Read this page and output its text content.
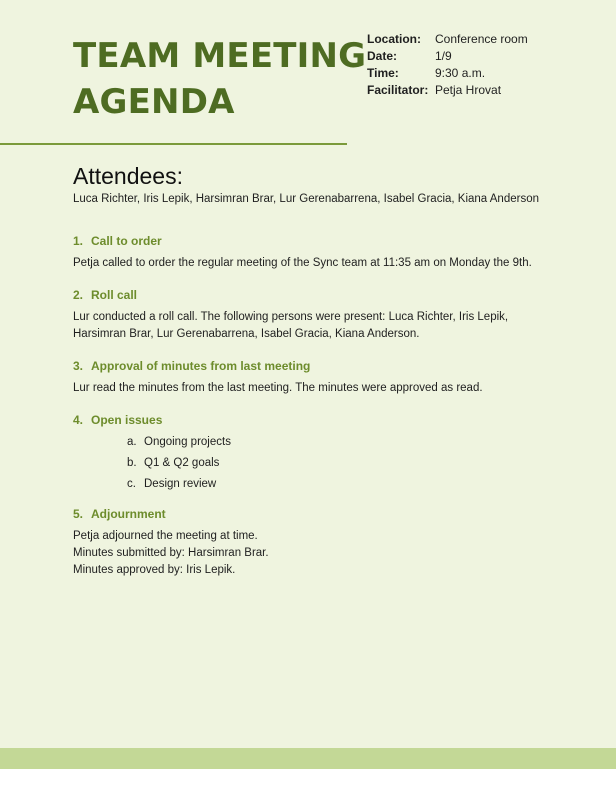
TEAM MEETING
AGENDA
Location:	Conference room
Date:	1/9
Time:	9:30 a.m.
Facilitator: Petja Hrovat
Attendees:

Luca Richter, Iris Lepik, Harsimran Brar, Lur Gerenabarrena, Isabel Gracia, Kiana Anderson

1. Call to order

Petja called to order the regular meeting of the Sync team at 11:35 am on Monday the 9th.

2. Roll call

Lur conducted a roll call. The following persons were present: Luca Richter, Iris Lepik, Harsimran Brar, Lur Gerenabarrena, Isabel Gracia, Kiana Anderson.

3. Approval of minutes from last meeting

Lur read the minutes from the last meeting. The minutes were approved as read.

4. Open issues
a. Ongoing projects
b. Q1 & Q2 goals
c. Design review
5. Adjournment

Petja adjourned the meeting at time.

Minutes submitted by: Harsimran Brar.

Minutes approved by: Iris Lepik.
